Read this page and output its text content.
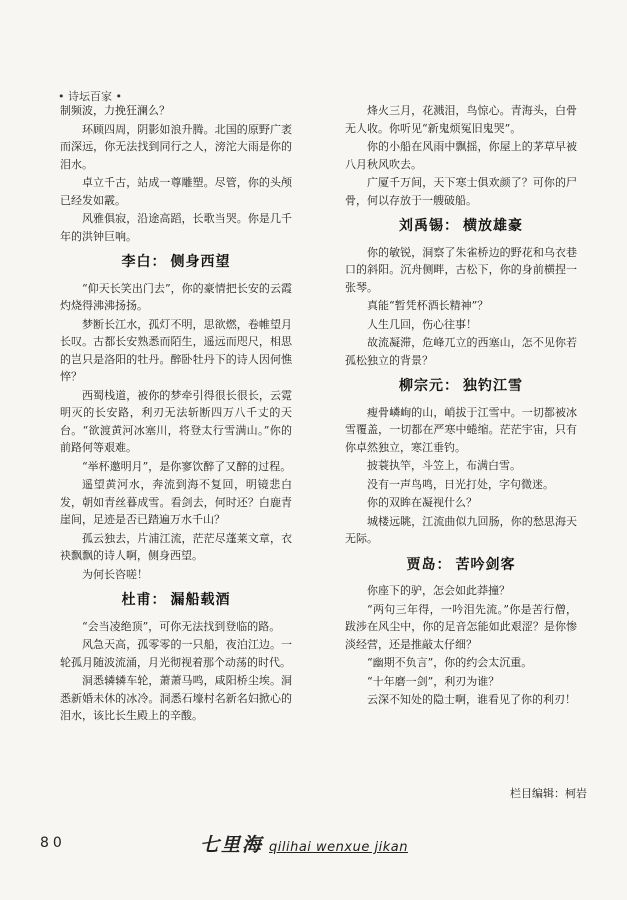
• 诗坛百家 •

制频波，力挽狂澜么？

环顾四周，阴影如浪升腾。北国的原野广袤而深远，你无法找到同行之人，滂沱大雨是你的泪水。

卓立千古，站成一尊雕塑。尽管，你的头颅已经发如霰。

风雅俱寂，沿途高蹈，长歌当哭。你是几千年的洪钟巨响。

李白： 侧身西望

“仰天长笑出门去”，你的豪情把长安的云霞灼烧得沸沸扬扬。

梦断长江水，孤灯不明，思欲燃，卷帷望月长叹。古都长安熟悉而陌生，遥远而咫尺，相思的岂只是洛阳的牡丹。醉卧牡丹下的诗人因何憔悴？

西蜀栈道，被你的梦牵引得很长很长，云霓明灭的长安路，利刃无法斩断四万八千丈的天台。“欲渡黄河冰塞川，将登太行雪满山。”你的前路何等艰难。

“举杯邀明月”，是你寥饮醉了又醉的过程。

遥望黄河水，奔流到海不复回，明镜悲白发，朝如青丝暮成雪。看剑去，何时还？白鹿青崖间，足迹是否已踏遍万水千山？

孤云独去，片浦江流，茫茫尽蓬莱文章，衣袂飘飘的诗人啊，侧身西望。

为何长咨嗟！

杜甫： 漏船载酒

“会当凌绝顶”，可你无法找到登临的路。

风急天高，孤零零的一只船，夜泊江边。一轮孤月随波流涌，月光彻视着那个动荡的时代。

洞悉辚辚车轮，萧萧马鸣，咸阳桥尘埃。洞悉新婚未休的冰冷。洞悉石壕村名新名妇掀心的泪水，该比长生殿上的辛酸。

烽火三月，花溅泪，鸟惊心。青海头，白骨无人收。你听见“新鬼烦冤旧鬼哭”。

你的小船在风雨中飘摇，你屋上的茅草早被八月秋风吹去。

广厦千万间，天下寒士俱欢颜了？可你的尸骨，何以存放于一艘破船。

刘禹锡： 横放雄豪

你的敏锐，洞察了朱雀桥边的野花和乌衣巷口的斜阳。沉舟侧畔，古松下，你的身前横捏一张琴。

真能“暂凭杯酒长精神”？

人生几回，伤心往事！

故流凝滞，危峰兀立的西塞山，怎不见你若孤松独立的背景？

柳宗元： 独钓江雪

瘦骨嶙峋的山，峭拔于江雪中。一切都被冰雪覆盖，一切都在严寒中蜷缩。茫茫宇宙，只有你卓然独立，寒江垂钓。

披蓑执竿，斗笠上，布满白雪。

没有一声鸟鸣，日光打处，字句微迷。

你的双眸在凝视什么？

城楼远眺，江流曲似九回肠，你的愁思海天无际。

贾岛： 苦吟剑客

你座下的驴，怎会如此莽撞？

“两句三年得，一吟泪先流。”你是苦行僧，跋涉在风尘中，你的足音怎能如此艰涩？是你惨淡经营，还是推敲太仔细？

“幽期不负言”，你的约会太沉重。

“十年磨一剑”，利刃为谁？

云深不知处的隐士啊，谁看见了你的利刃！

栏目编辑：柯岩
80	七里海 qilihai wenxue jikan
